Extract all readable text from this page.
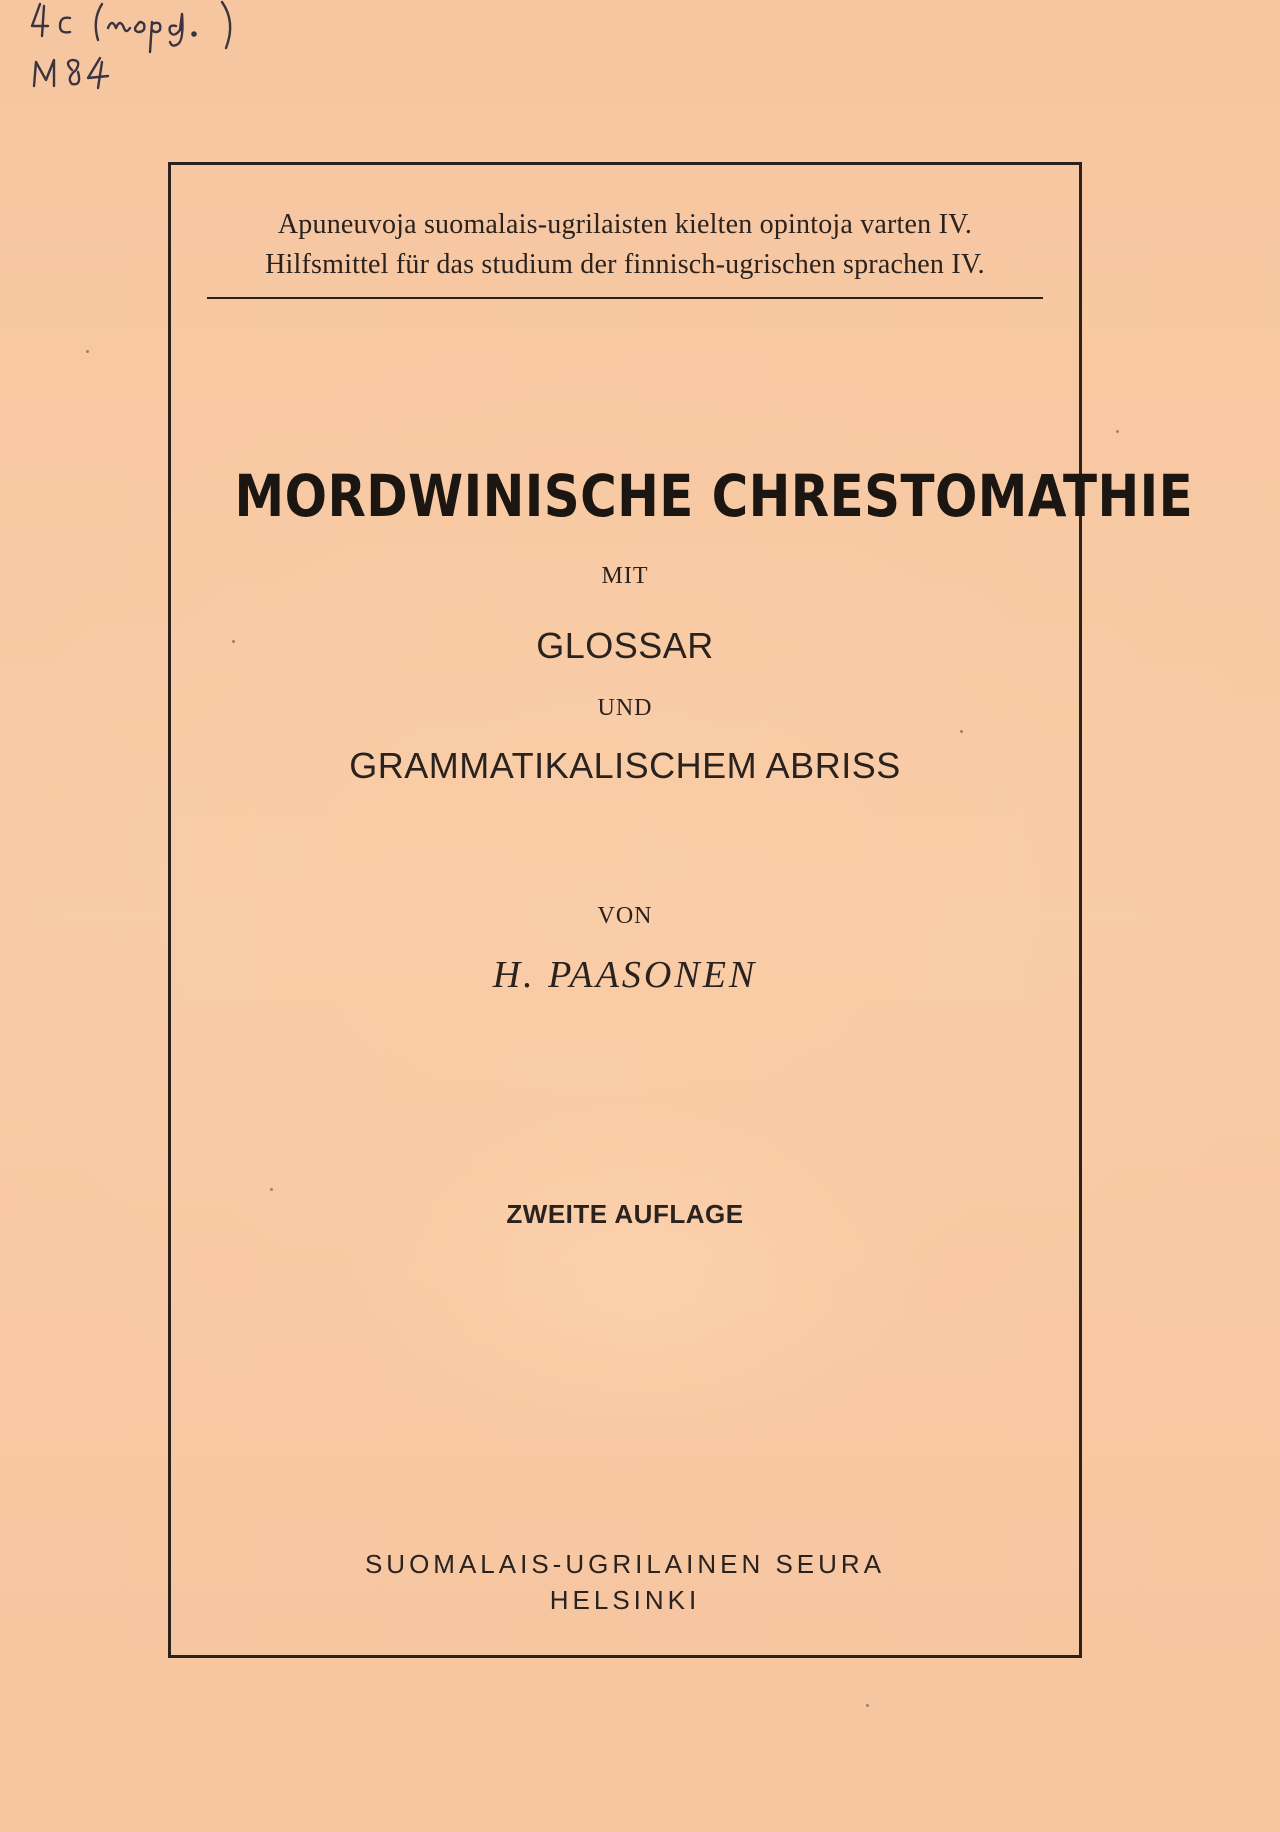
Apuneuvoja suomalais-ugrilaisten kielten opintoja varten IV.
Hilfsmittel für das studium der finnisch-ugrischen sprachen IV.
MORDWINISCHE CHRESTOMATHIE
MIT
GLOSSAR
UND
GRAMMATIKALISCHEM ABRISS
VON
H. PAASONEN
ZWEITE AUFLAGE
SUOMALAIS-UGRILAINEN SEURA
HELSINKI
